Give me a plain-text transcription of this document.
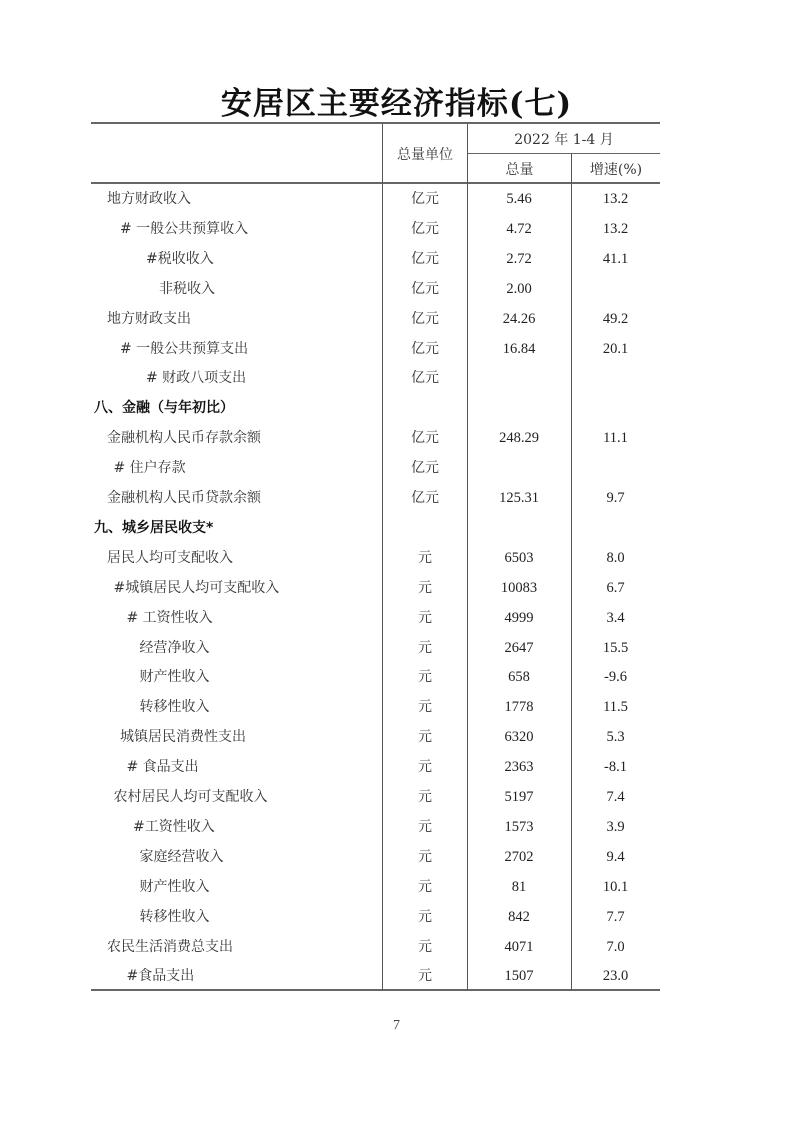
安居区主要经济指标(七)
总量单位
2022 年 1-4 月
总量	增速(%)
地方财政收入	亿元	5.46	13.2
# 一般公共预算收入	亿元	4.72	13.2
#税收收入	亿元	2.72	41.1
非税收入	亿元	2.00
地方财政支出	亿元	24.26	49.2
# 一般公共预算支出	亿元	16.84	20.1
# 财政八项支出	亿元
八、金融（与年初比）
金融机构人民币存款余额	亿元	248.29	11.1
# 住户存款	亿元
金融机构人民币贷款余额	亿元	125.31	9.7
九、城乡居民收支*
居民人均可支配收入	元	6503	8.0
#城镇居民人均可支配收入	元	10083	6.7
# 工资性收入	元	4999	3.4
经营净收入	元	2647	15.5
财产性收入	元	658	-9.6
转移性收入	元	1778	11.5
城镇居民消费性支出	元	6320	5.3
# 食品支出	元	2363	-8.1
农村居民人均可支配收入	元	5197	7.4
#工资性收入	元	1573	3.9
家庭经营收入	元	2702	9.4
财产性收入	元	81	10.1
转移性收入	元	842	7.7
农民生活消费总支出	元	4071	7.0
#食品支出	元	1507	23.0
7
